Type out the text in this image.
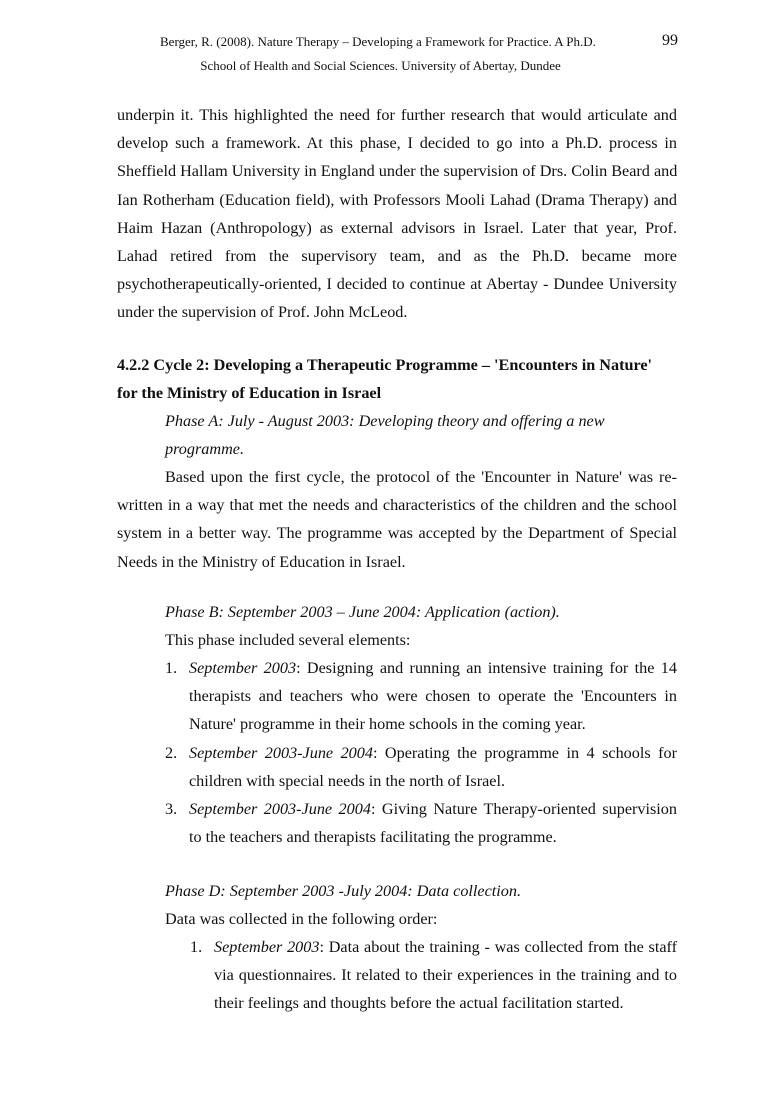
Berger, R. (2008). Nature Therapy – Developing a Framework for Practice. A Ph.D.	99
School of Health and Social Sciences. University of Abertay, Dundee
underpin it. This highlighted the need for further research that would articulate and
develop such a framework. At this phase, I decided to go into a Ph.D. process in
Sheffield Hallam University in England under the supervision of Drs. Colin Beard and
Ian Rotherham (Education field), with Professors Mooli Lahad (Drama Therapy) and
Haim Hazan (Anthropology) as external advisors in Israel. Later that year, Prof.
Lahad retired from the supervisory team, and as the Ph.D. became more
psychotherapeutically-oriented, I decided to continue at Abertay - Dundee University
under the supervision of Prof. John McLeod.
4.2.2 Cycle 2: Developing a Therapeutic Programme – 'Encounters in Nature'
for the Ministry of Education in Israel
Phase A: July - August 2003: Developing theory and offering a new
programme.
Based upon the first cycle, the protocol of the 'Encounter in Nature' was re-
written in a way that met the needs and characteristics of the children and the school
system in a better way. The programme was accepted by the Department of Special
Needs in the Ministry of Education in Israel.
Phase B: September 2003 – June 2004: Application (action).
This phase included several elements:
1. September 2003: Designing and running an intensive training for the 14 therapists and teachers who were chosen to operate the 'Encounters in Nature' programme in their home schools in the coming year.
2. September 2003-June 2004: Operating the programme in 4 schools for children with special needs in the north of Israel.
3. September 2003-June 2004: Giving Nature Therapy-oriented supervision to the teachers and therapists facilitating the programme.
Phase D: September 2003 -July 2004: Data collection.
Data was collected in the following order:
1. September 2003: Data about the training - was collected from the staff via questionnaires. It related to their experiences in the training and to their feelings and thoughts before the actual facilitation started.
